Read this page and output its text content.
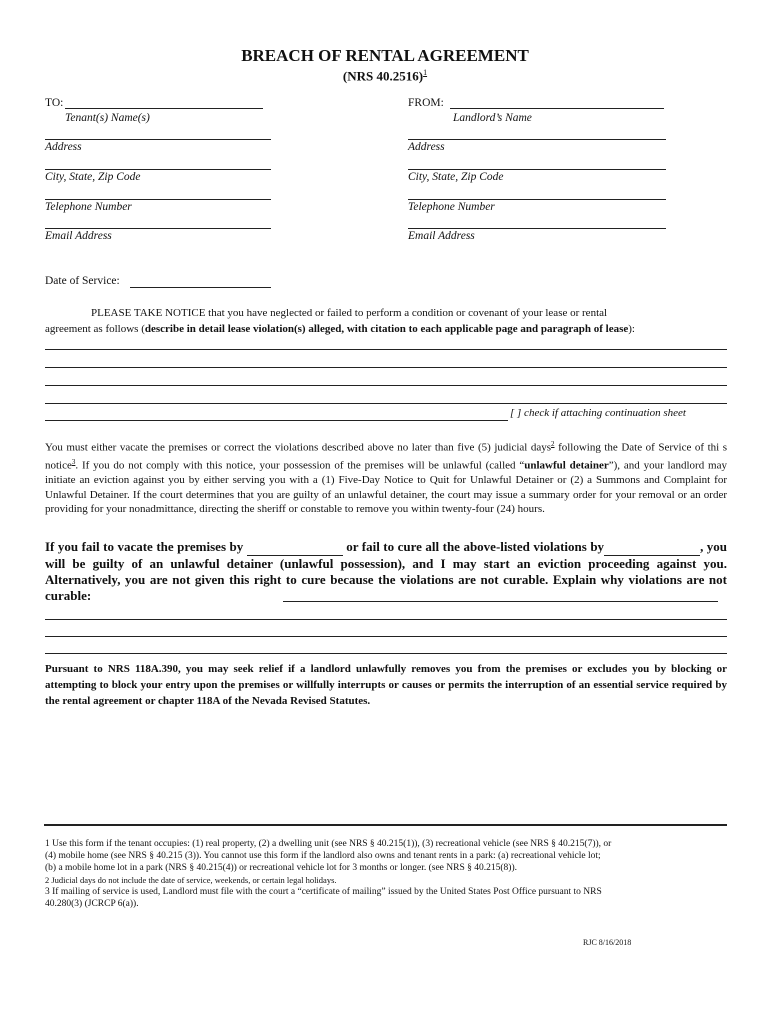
BREACH OF RENTAL AGREEMENT
(NRS 40.2516)$^1$
TO:
Tenant(s) Name(s)
Address
City, State, Zip Code
Telephone Number
Email Address
FROM:
Landlord’s Name
Address
City, State, Zip Code
Telephone Number
Email Address
Date of Service:
PLEASE TAKE NOTICE that you have neglected or failed to perform a condition or covenant of your lease or rental
agreement as follows (describe in detail lease violation(s) alleged, with citation to each applicable page and paragraph of lease):
[ ] check if attaching continuation sheet
You must either vacate the premises or correct the violations described above no later than five (5) judicial days$^2$ following the Date of Service of thi s notice$^3$. If you do not comply with this notice, your possession of the premises will be unlawful (called “unlawful detainer”), and your landlord may initiate an eviction against you by either serving you with a (1) Five-Day Notice to Quit for Unlawful Detainer or (2) a Summons and Complaint for Unlawful Detainer. If the court determines that you are guilty of an unlawful detainer, the court may issue a summary order for your removal or an order providing for your nonadmittance, directing the sheriff or constable to remove you within twenty-four (24) hours.
If you fail to vacate the premises by	or fail to cure all the above-listed violations by	, you will be guilty of an unlawful detainer (unlawful possession), and I may start an eviction proceeding against you. Alternatively, you are not given this right to cure because the violations are not curable. Explain why violations are not curable:
Pursuant to NRS 118A.390, you may seek relief if a landlord unlawfully removes you from the premises or excludes you by blocking or attempting to block your entry upon the premises or willfully interrupts or causes or permits the interruption of an essential service required by the rental agreement or chapter 118A of the Nevada Revised Statutes.
1 Use this form if the tenant occupies: (1) real property, (2) a dwelling unit (see NRS § 40.215(1)), (3) recreational vehicle (see NRS § 40.215(7)), or
(4) mobile home (see NRS § 40.215 (3)). You cannot use this form if the landlord also owns and tenant rents in a park: (a) recreational vehicle lot;
(b) a mobile home lot in a park (NRS § 40.215(4)) or recreational vehicle lot for 3 months or longer. (see NRS § 40.215(8)).
2 Judicial days do not include the date of service, weekends, or certain legal holidays.
3 If mailing of service is used, Landlord must file with the court a “certificate of mailing” issued by the United States Post Office pursuant to NRS
40.280(3) (JCRCP 6(a)).
RJC 8/16/2018
